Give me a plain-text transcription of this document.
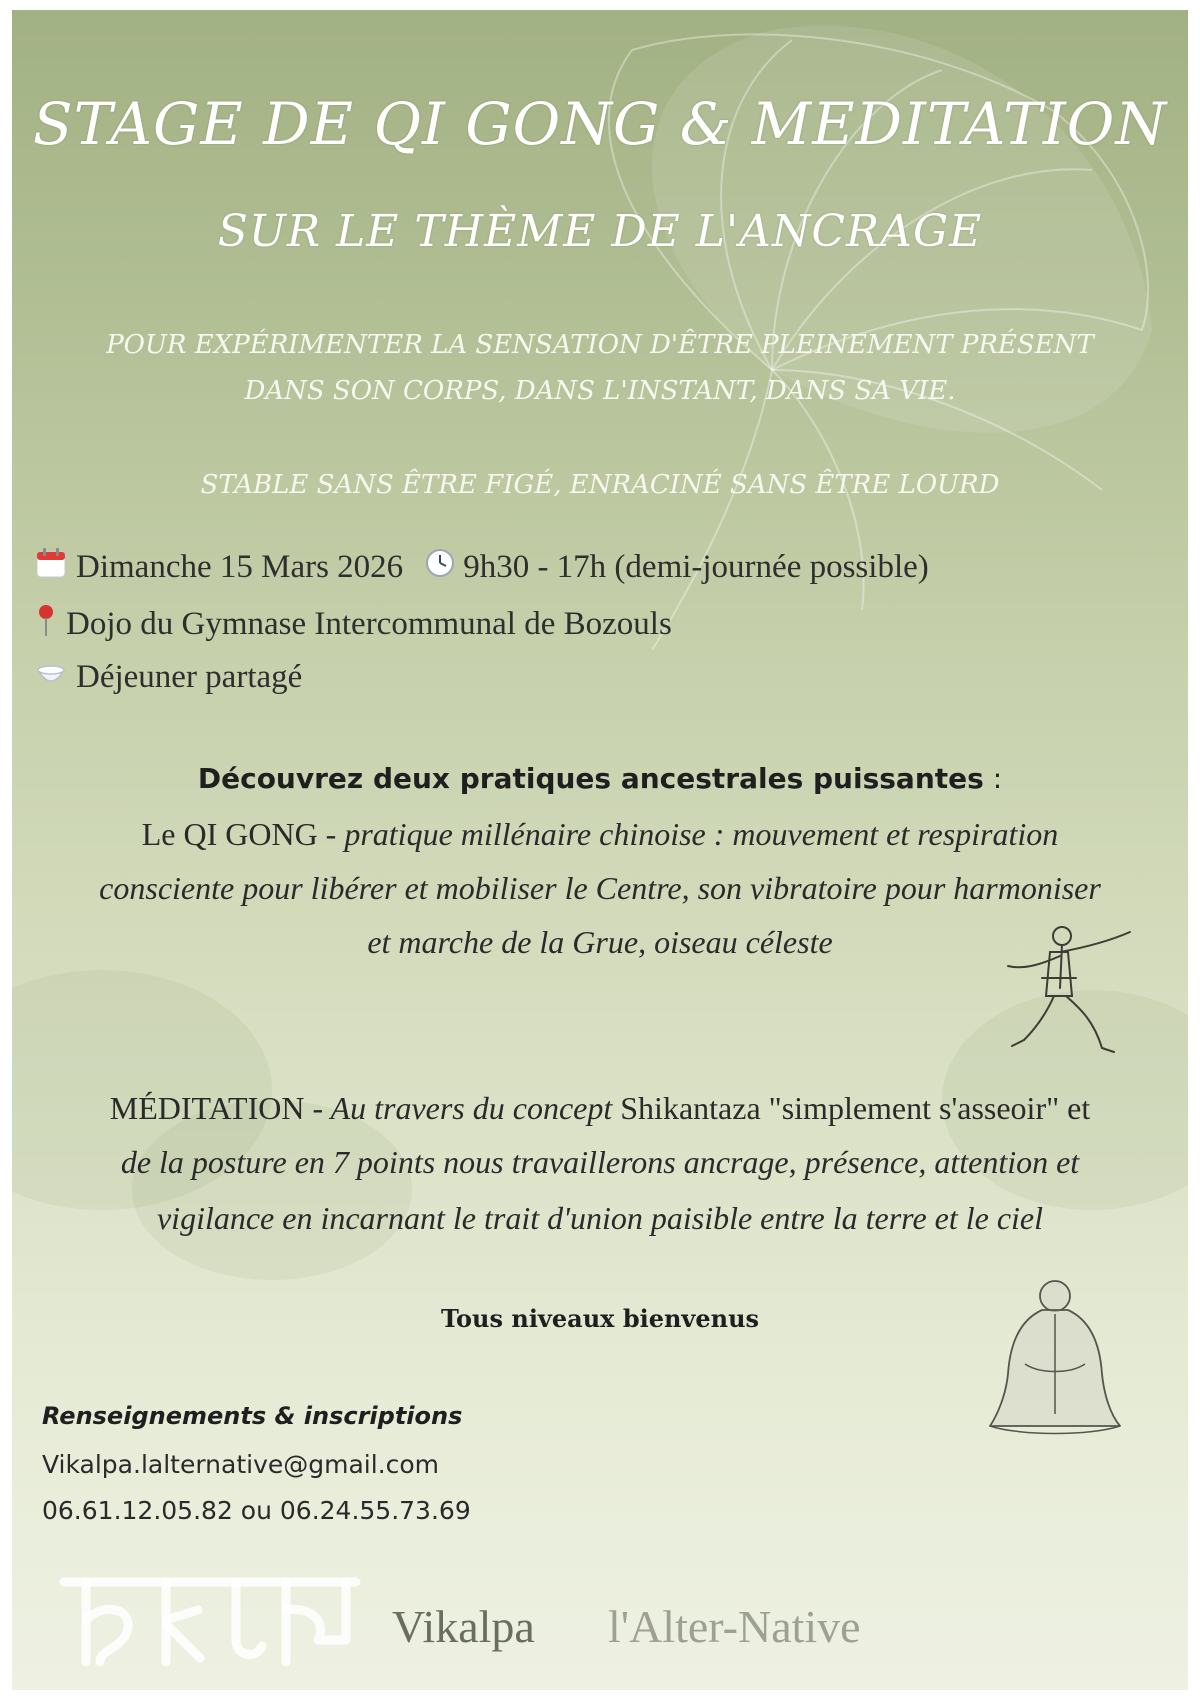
STAGE DE QI GONG & MEDITATION
SUR LE THÈME DE L'ANCRAGE
POUR EXPÉRIMENTER LA SENSATION D'ÊTRE PLEINEMENT PRÉSENT
DANS SON CORPS, DANS L'INSTANT, DANS SA VIE.
STABLE SANS ÊTRE FIGÉ, ENRACINÉ SANS ÊTRE LOURD
Dimanche 15 Mars 2026 9h30 - 17h (demi-journée possible)
Dojo du Gymnase Intercommunal de Bozouls
Déjeuner partagé
Découvrez deux pratiques ancestrales puissantes :
Le QI GONG - pratique millénaire chinoise : mouvement et respiration
consciente pour libérer et mobiliser le Centre, son vibratoire pour harmoniser
et marche de la Grue, oiseau céleste
MÉDITATION - Au travers du concept Shikantaza "simplement s'asseoir" et
de la posture en 7 points nous travaillerons ancrage, présence, attention et
vigilance en incarnant le trait d'union paisible entre la terre et le ciel
Tous niveaux bienvenus
Renseignements & inscriptions
Vikalpa.lalternative@gmail.com
06.61.12.05.82 ou 06.24.55.73.69
Vikalpa l'Alter-Native
